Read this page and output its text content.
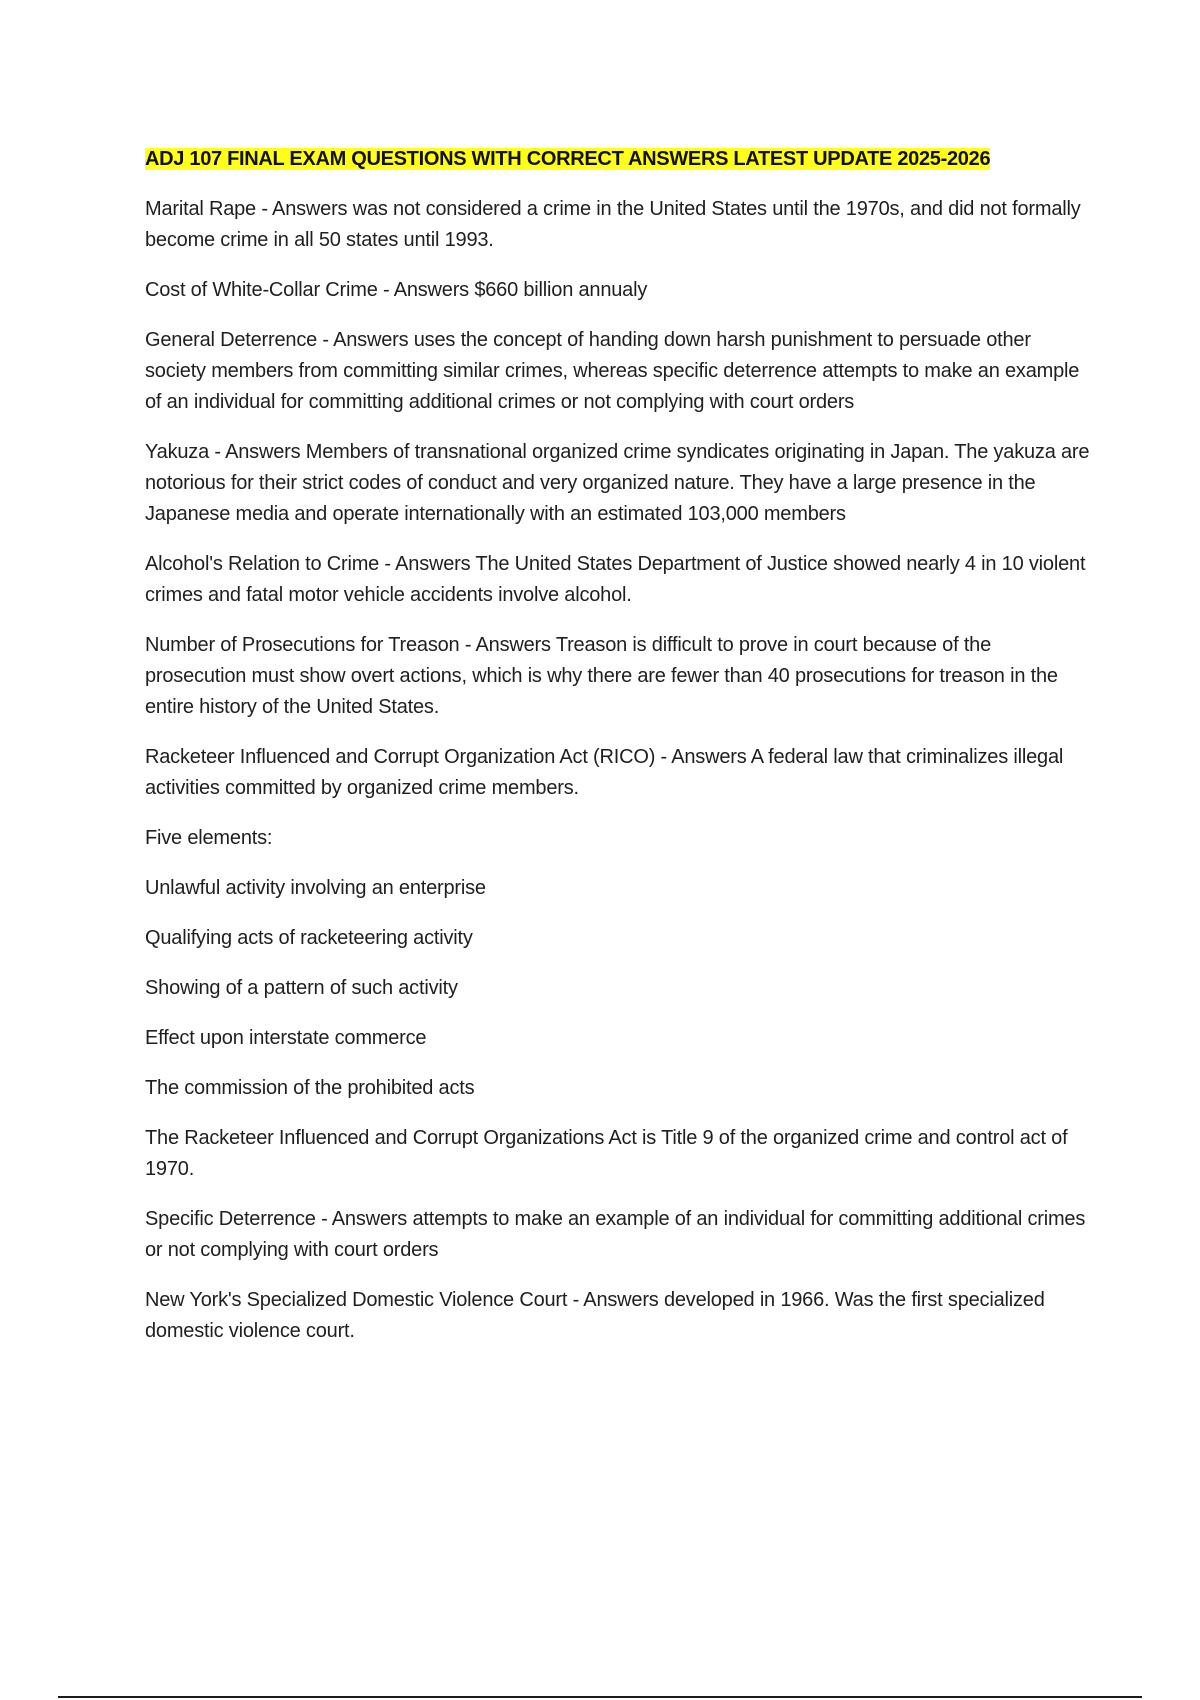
ADJ 107 FINAL EXAM QUESTIONS WITH CORRECT ANSWERS LATEST UPDATE 2025-2026

Marital Rape - Answers was not considered a crime in the United States until the 1970s, and did not formally become crime in all 50 states until 1993.

Cost of White-Collar Crime - Answers $660 billion annualy

General Deterrence - Answers uses the concept of handing down harsh punishment to persuade other society members from committing similar crimes, whereas specific deterrence attempts to make an example of an individual for committing additional crimes or not complying with court orders

Yakuza - Answers Members of transnational organized crime syndicates originating in Japan. The yakuza are notorious for their strict codes of conduct and very organized nature. They have a large presence in the Japanese media and operate internationally with an estimated 103,000 members

Alcohol's Relation to Crime - Answers The United States Department of Justice showed nearly 4 in 10 violent crimes and fatal motor vehicle accidents involve alcohol.

Number of Prosecutions for Treason - Answers Treason is difficult to prove in court because of the prosecution must show overt actions, which is why there are fewer than 40 prosecutions for treason in the entire history of the United States.

Racketeer Influenced and Corrupt Organization Act (RICO) - Answers A federal law that criminalizes illegal activities committed by organized crime members.

Five elements:

Unlawful activity involving an enterprise

Qualifying acts of racketeering activity

Showing of a pattern of such activity

Effect upon interstate commerce

The commission of the prohibited acts

The Racketeer Influenced and Corrupt Organizations Act is Title 9 of the organized crime and control act of 1970.

Specific Deterrence - Answers attempts to make an example of an individual for committing additional crimes or not complying with court orders

New York's Specialized Domestic Violence Court - Answers developed in 1966. Was the first specialized domestic violence court.
